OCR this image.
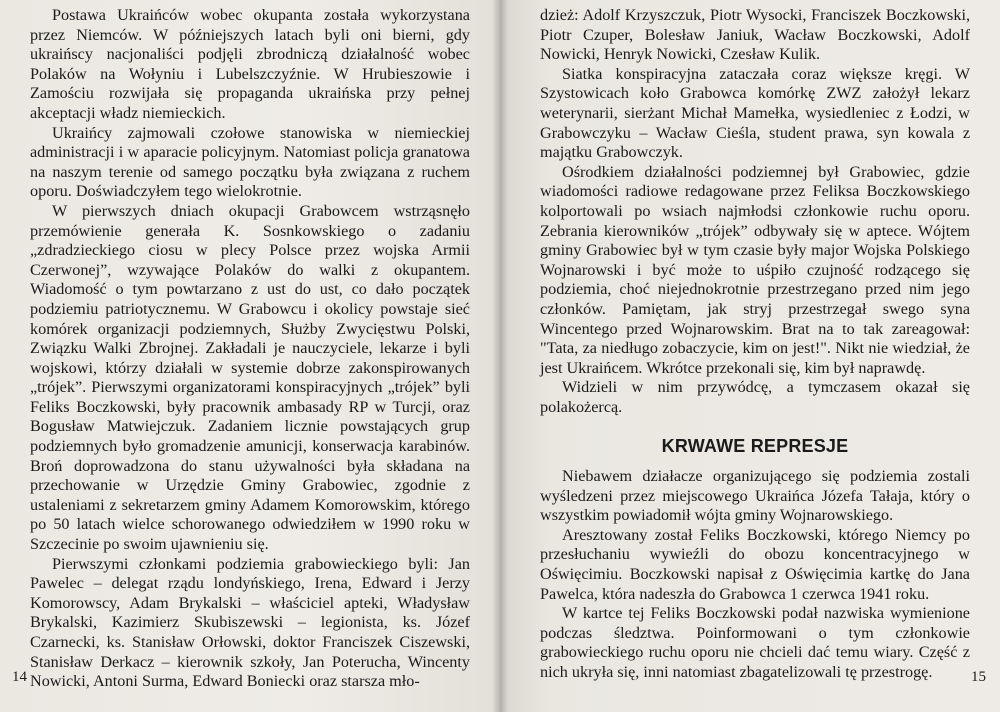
Postawa Ukraińców wobec okupanta została wykorzystana przez Niemców. W późniejszych latach byli oni bierni, gdy ukraińscy nacjonaliści podjęli zbrodniczą działalność wobec Polaków na Wołyniu i Lubelszczyźnie. W Hrubieszowie i Zamościu rozwijała się propaganda ukraińska przy pełnej akceptacji władz niemieckich.

Ukraińcy zajmowali czołowe stanowiska w niemieckiej administracji i w aparacie policyjnym. Natomiast policja granatowa na naszym terenie od samego początku była związana z ruchem oporu. Doświadczyłem tego wielokrotnie.

W pierwszych dniach okupacji Grabowcem wstrząsnęło przemówienie generała K. Sosnkowskiego o zadaniu „zdradzieckiego ciosu w plecy Polsce przez wojska Armii Czerwonej”, wzywające Polaków do walki z okupantem. Wiadomość o tym powtarzano z ust do ust, co dało początek podziemiu patriotycznemu. W Grabowcu i okolicy powstaje sieć komórek organizacji podziemnych, Służby Zwycięstwu Polski, Związku Walki Zbrojnej. Zakładali je nauczyciele, lekarze i byli wojskowi, którzy działali w systemie dobrze zakonspirowanych „trójek”. Pierwszymi organizatorami konspiracyjnych „trójek” byli Feliks Boczkowski, były pracownik ambasady RP w Turcji, oraz Bogusław Matwiejczuk. Zadaniem licznie powstających grup podziemnych było gromadzenie amunicji, konserwacja karabinów. Broń doprowadzona do stanu używalności była składana na przechowanie w Urzędzie Gminy Grabowiec, zgodnie z ustaleniami z sekretarzem gminy Adamem Komorowskim, którego po 50 latach wielce schorowanego odwiedziłem w 1990 roku w Szczecinie po swoim ujawnieniu się.

Pierwszymi członkami podziemia grabowieckiego byli: Jan Pawelec – delegat rządu londyńskiego, Irena, Edward i Jerzy Komorowscy, Adam Brykalski – właściciel apteki, Władysław Brykalski, Kazimierz Skubiszewski – legionista, ks. Józef Czarnecki, ks. Stanisław Orłowski, doktor Franciszek Ciszewski, Stanisław Derkacz – kierownik szkoły, Jan Poterucha, Wincenty Nowicki, Antoni Surma, Edward Boniecki oraz starsza mło-

14

dzież: Adolf Krzyszczuk, Piotr Wysocki, Franciszek Boczkowski, Piotr Czuper, Bolesław Janiuk, Wacław Boczkowski, Adolf Nowicki, Henryk Nowicki, Czesław Kulik.

Siatka konspiracyjna zataczała coraz większe kręgi. W Szystowicach koło Grabowca komórkę ZWZ założył lekarz weterynarii, sierżant Michał Mamełka, wysiedleniec z Łodzi, w Grabowczyku – Wacław Cieśla, student prawa, syn kowala z majątku Grabowczyk.

Ośrodkiem działalności podziemnej był Grabowiec, gdzie wiadomości radiowe redagowane przez Feliksa Boczkowskiego kolportowali po wsiach najmłodsi członkowie ruchu oporu. Zebrania kierowników „trójek” odbywały się w aptece. Wójtem gminy Grabowiec był w tym czasie były major Wojska Polskiego Wojnarowski i być może to uśpiło czujność rodzącego się podziemia, choć niejednokrotnie przestrzegano przed nim jego członków. Pamiętam, jak stryj przestrzegał swego syna Wincentego przed Wojnarowskim. Brat na to tak zareagował: "Tata, za niedługo zobaczycie, kim on jest!". Nikt nie wiedział, że jest Ukraińcem. Wkrótce przekonali się, kim był naprawdę.

Widzieli w nim przywódcę, a tymczasem okazał się polakożercą.

KRWAWE REPRESJE

Niebawem działacze organizującego się podziemia zostali wyśledzeni przez miejscowego Ukraińca Józefa Tałaja, który o wszystkim powiadomił wójta gminy Wojnarowskiego.

Aresztowany został Feliks Boczkowski, którego Niemcy po przesłuchaniu wywieźli do obozu koncentracyjnego w Oświęcimiu. Boczkowski napisał z Oświęcimia kartkę do Jana Pawelca, która nadeszła do Grabowca 1 czerwca 1941 roku.

W kartce tej Feliks Boczkowski podał nazwiska wymienione podczas śledztwa. Poinformowani o tym członkowie grabowieckiego ruchu oporu nie chcieli dać temu wiary. Część z nich ukryła się, inni natomiast zbagatelizowali tę przestrogę.	15
